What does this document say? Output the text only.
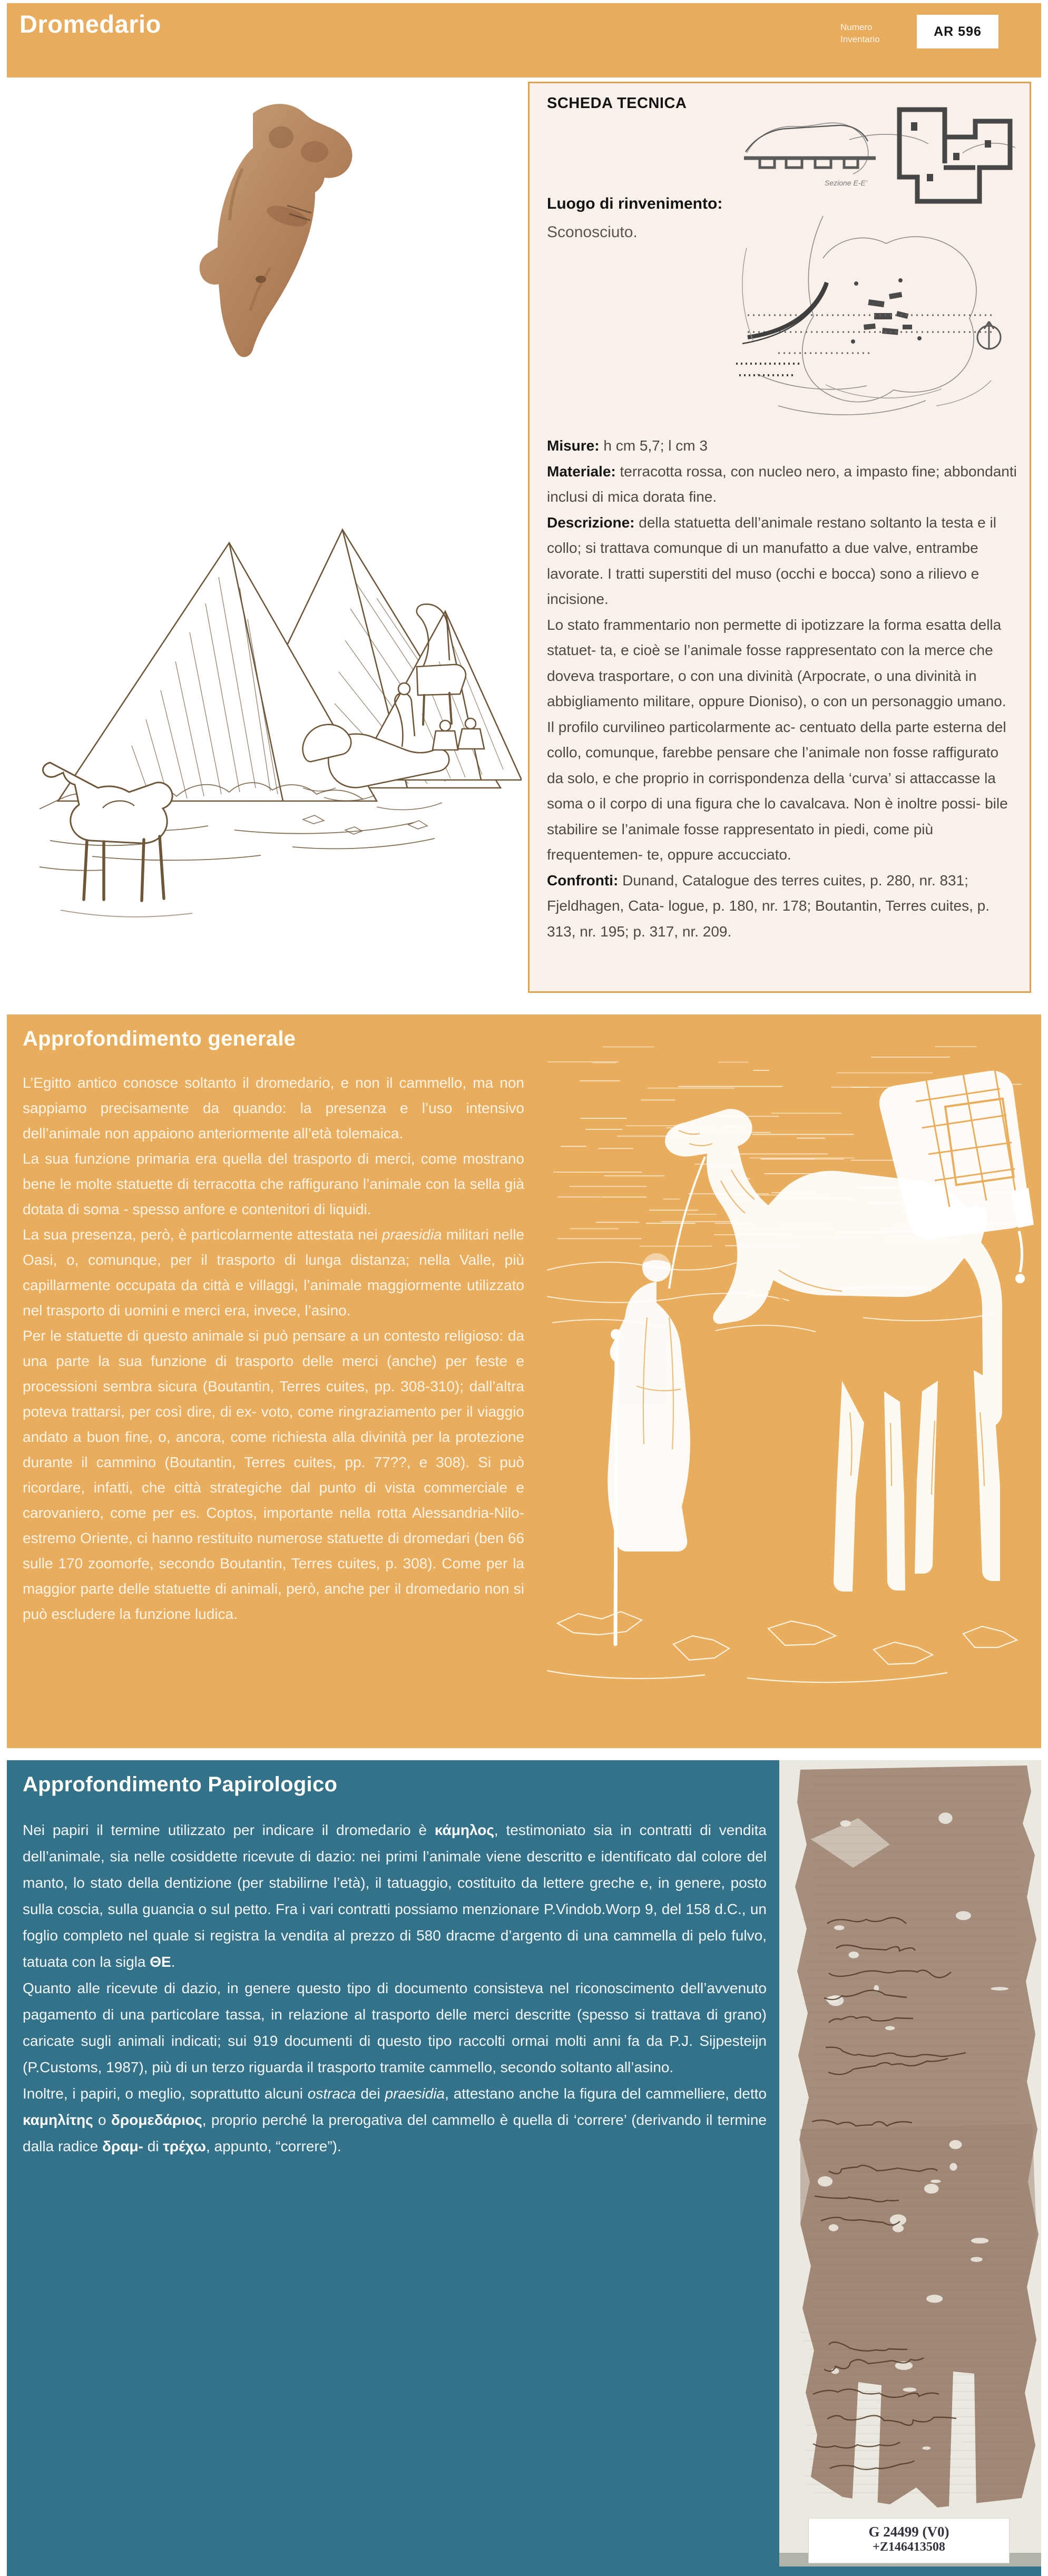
Dromedario	Numero Inventario
AR 596
SCHEDA TECNICA
Sezione E-E’
Luogo di rinvenimento:
Sconosciuto.

Misure: h cm 5,7; l cm 3

Materiale: terracotta rossa, con nucleo nero, a impasto fine; abbondanti inclusi di mica dorata fine.

Descrizione: della statuetta dell’animale restano soltanto la testa e il collo; si trattava comunque di un manufatto a due valve, entrambe lavorate. I tratti superstiti del muso (occhi e bocca) sono a rilievo e incisione.

Lo stato frammentario non permette di ipotizzare la forma esatta della statuet- ta, e cioè se l’animale fosse rappresentato con la merce che doveva trasportare, o con una divinità (Arpocrate, o una divinità in abbigliamento militare, oppure Dioniso), o con un personaggio umano. Il profilo curvilineo particolarmente ac- centuato della parte esterna del collo, comunque, farebbe pensare che l’animale non fosse raffigurato da solo, e che proprio in corrispondenza della ‘curva’ si attaccasse la soma o il corpo di una figura che lo cavalcava. Non è inoltre possi- bile stabilire se l’animale fosse rappresentato in piedi, come più frequentemen- te, oppure accucciato.

Confronti: Dunand, Catalogue des terres cuites, p. 280, nr. 831; Fjeldhagen, Cata- logue, p. 180, nr. 178; Boutantin, Terres cuites, p. 313, nr. 195; p. 317, nr. 209.

Approfondimento generale

L’Egitto antico conosce soltanto il dromedario, e non il cammello, ma non sappiamo precisamente da quando: la presenza e l’uso intensivo dell’animale non appaiono anteriormente all’età tolemaica.

La sua funzione primaria era quella del trasporto di merci, come mostrano bene le molte statuette di terracotta che raffigurano l’animale con la sella già dotata di soma - spesso anfore e contenitori di liquidi.

La sua presenza, però, è particolarmente attestata nei praesidia militari nelle Oasi, o, comunque, per il trasporto di lunga distanza; nella Valle, più capillarmente occupata da città e villaggi, l’animale maggiormente utilizzato nel trasporto di uomini e merci era, invece, l’asino.

Per le statuette di questo animale si può pensare a un contesto religioso: da una parte la sua funzione di trasporto delle merci (anche) per feste e processioni sembra sicura (Boutantin, Terres cuites, pp. 308-310); dall’altra poteva trattarsi, per così dire, di ex- voto, come ringraziamento per il viaggio andato a buon fine, o, ancora, come richiesta alla divinità per la protezione durante il cammino (Boutantin, Terres cuites, pp. 77??, e 308). Si può ricordare, infatti, che città strategiche dal punto di vista commerciale e carovaniero, come per es. Coptos, importante nella rotta Alessandria-Nilo-estremo Oriente, ci hanno restituito numerose statuette di dromedari (ben 66 sulle 170 zoomorfe, secondo Boutantin, Terres cuites, p. 308). Come per la maggior parte delle statuette di animali, però, anche per il dromedario non si può escludere la funzione ludica.

Approfondimento Papirologico

Nei papiri il termine utilizzato per indicare il dromedario è κάμηλος, testimoniato sia in contratti di vendita dell’animale, sia nelle cosiddette ricevute di dazio: nei primi l’animale viene descritto e identificato dal colore del manto, lo stato della dentizione (per stabilirne l’età), il tatuaggio, costituito da lettere greche e, in genere, posto sulla coscia, sulla guancia o sul petto. Fra i vari contratti possiamo menzionare P.Vindob.Worp 9, del 158 d.C., un foglio completo nel quale si registra la vendita al prezzo di 580 dracme d’argento di una cammella di pelo fulvo, tatuata con la sigla ΘΕ.

Quanto alle ricevute di dazio, in genere questo tipo di documento consisteva nel riconoscimento dell’avvenuto pagamento di una particolare tassa, in relazione al trasporto delle merci descritte (spesso si trattava di grano) caricate sugli animali indicati; sui 919 documenti di questo tipo raccolti ormai molti anni fa da P.J. Sijpesteijn (P.Customs, 1987), più di un terzo riguarda il trasporto tramite cammello, secondo soltanto all’asino.

Inoltre, i papiri, o meglio, soprattutto alcuni ostraca dei praesidia, attestano anche la figura del cammelliere, detto καμηλίτης o δρομεδάριος, proprio perché la prerogativa del cammello è quella di ‘correre’ (derivando il termine dalla radice δραμ- di τρέχω, appunto, “correre”).

G 24499 (V0)
+Z146413508
